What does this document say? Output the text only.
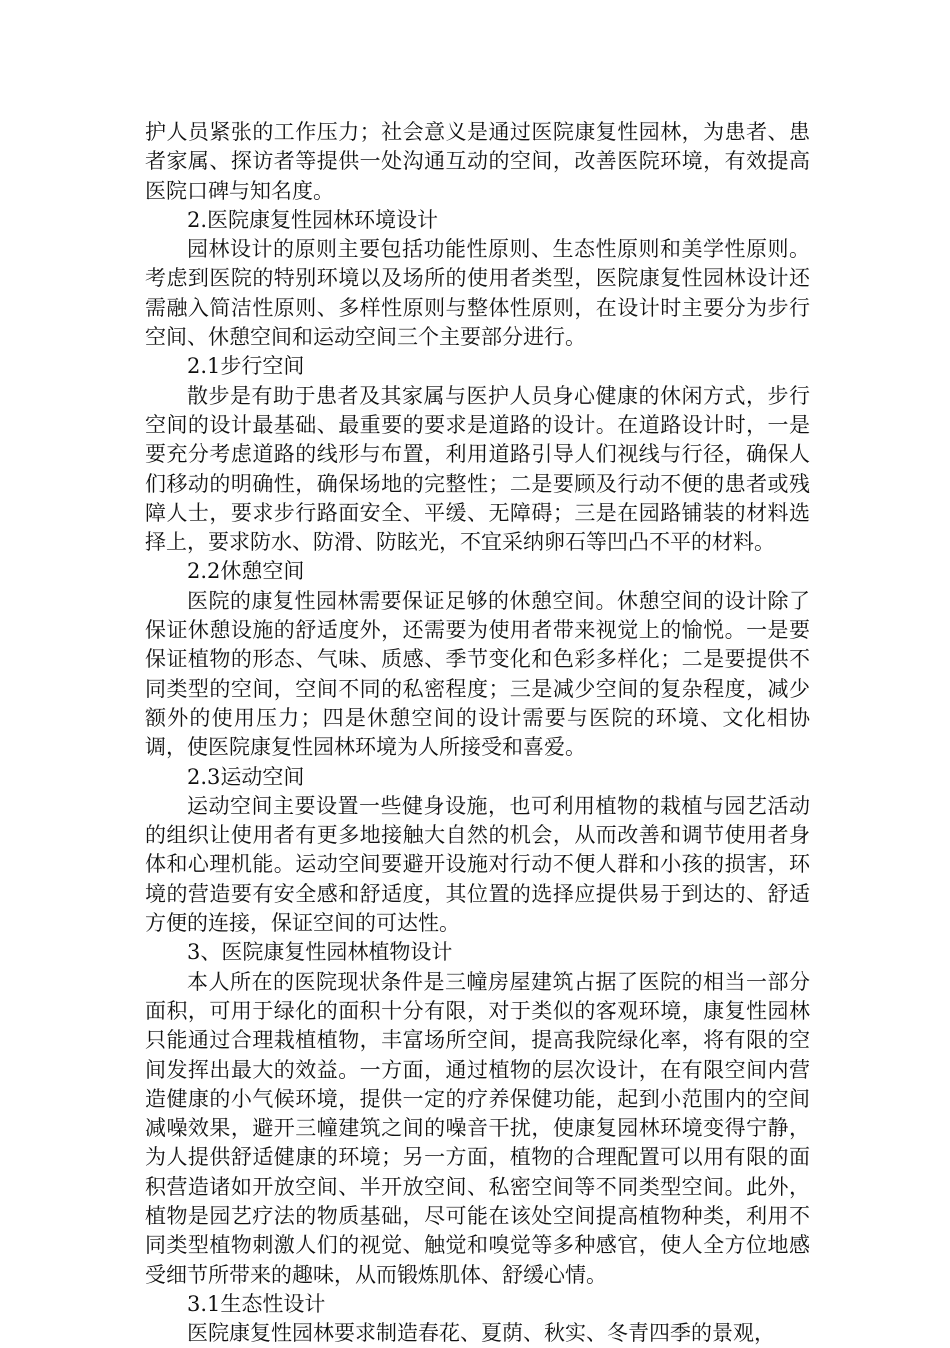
护人员紧张的工作压力；社会意义是通过医院康复性园林，为患者、患者家属、探访者等提供一处沟通互动的空间，改善医院环境，有效提高医院口碑与知名度。

2.医院康复性园林环境设计

园林设计的原则主要包括功能性原则、生态性原则和美学性原则。考虑到医院的特别环境以及场所的使用者类型，医院康复性园林设计还需融入简洁性原则、多样性原则与整体性原则，在设计时主要分为步行空间、休憩空间和运动空间三个主要部分进行。

2.1步行空间

散步是有助于患者及其家属与医护人员身心健康的休闲方式，步行空间的设计最基础、最重要的要求是道路的设计。在道路设计时，一是要充分考虑道路的线形与布置，利用道路引导人们视线与行径，确保人们移动的明确性，确保场地的完整性；二是要顾及行动不便的患者或残障人士，要求步行路面安全、平缓、无障碍；三是在园路铺装的材料选择上，要求防水、防滑、防眩光，不宜采纳卵石等凹凸不平的材料。

2.2休憩空间

医院的康复性园林需要保证足够的休憩空间。休憩空间的设计除了保证休憩设施的舒适度外，还需要为使用者带来视觉上的愉悦。一是要保证植物的形态、气味、质感、季节变化和色彩多样化；二是要提供不同类型的空间，空间不同的私密程度；三是减少空间的复杂程度，减少额外的使用压力；四是休憩空间的设计需要与医院的环境、文化相协调，使医院康复性园林环境为人所接受和喜爱。

2.3运动空间

运动空间主要设置一些健身设施，也可利用植物的栽植与园艺活动的组织让使用者有更多地接触大自然的机会，从而改善和调节使用者身体和心理机能。运动空间要避开设施对行动不便人群和小孩的损害，环境的营造要有安全感和舒适度，其位置的选择应提供易于到达的、舒适方便的连接，保证空间的可达性。

3、医院康复性园林植物设计

本人所在的医院现状条件是三幢房屋建筑占据了医院的相当一部分面积，可用于绿化的面积十分有限，对于类似的客观环境，康复性园林只能通过合理栽植植物，丰富场所空间，提高我院绿化率，将有限的空间发挥出最大的效益。一方面，通过植物的层次设计，在有限空间内营造健康的小气候环境，提供一定的疗养保健功能，起到小范围内的空间减噪效果，避开三幢建筑之间的噪音干扰，使康复园林环境变得宁静，为人提供舒适健康的环境；另一方面，植物的合理配置可以用有限的面积营造诸如开放空间、半开放空间、私密空间等不同类型空间。此外，植物是园艺疗法的物质基础，尽可能在该处空间提高植物种类，利用不同类型植物刺激人们的视觉、触觉和嗅觉等多种感官，使人全方位地感受细节所带来的趣味，从而锻炼肌体、舒缓心情。

3.1生态性设计

医院康复性园林要求制造春花、夏荫、秋实、冬青四季的景观，
